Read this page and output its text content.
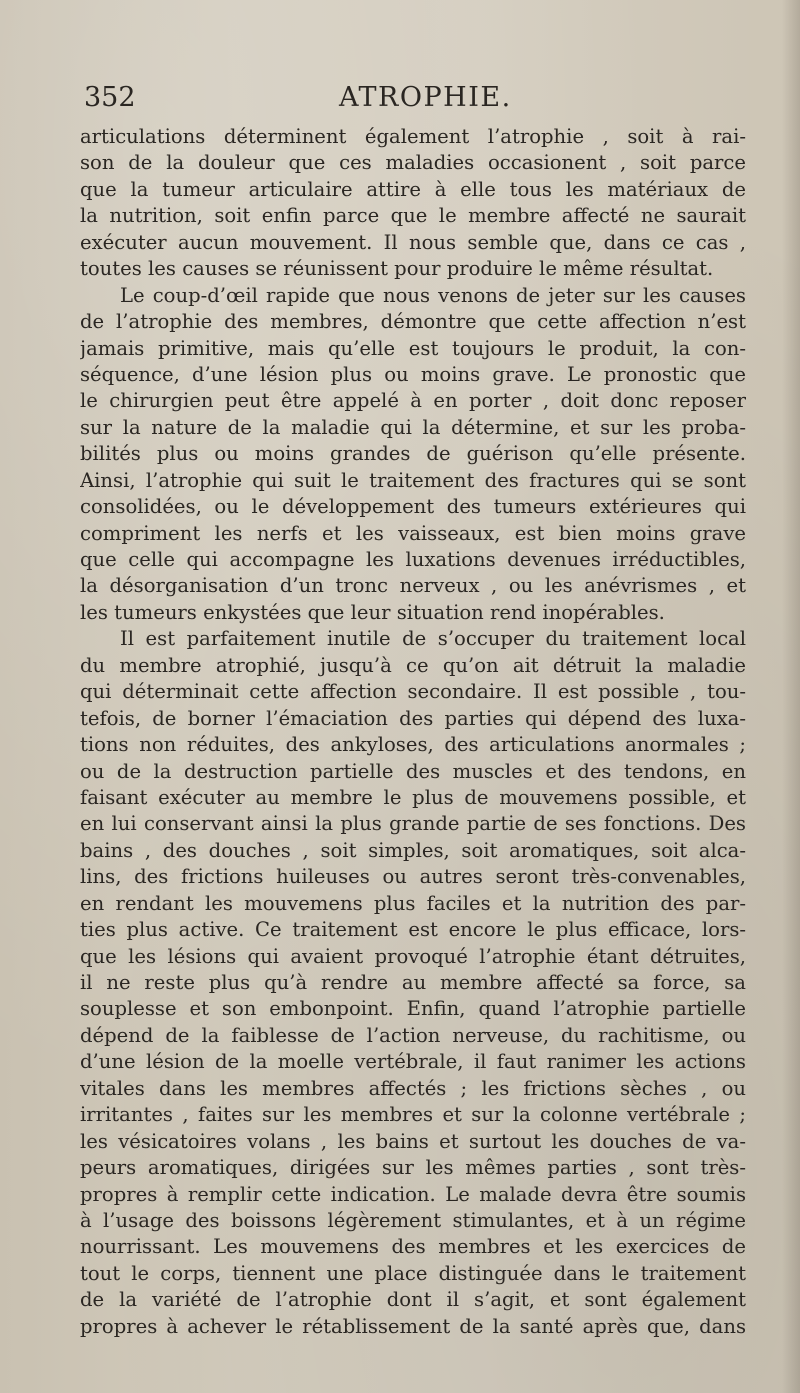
352	ATROPHIE.
articulations déterminent également l’atrophie , soit à rai-
son de la douleur que ces maladies occasionent , soit parce
que la tumeur articulaire attire à elle tous les matériaux de
la nutrition, soit enfin parce que le membre affecté ne saurait
exécuter aucun mouvement. Il nous semble que, dans ce cas ,
toutes les causes se réunissent pour produire le même résultat.
Le coup-d’œil rapide que nous venons de jeter sur les causes
de l’atrophie des membres, démontre que cette affection n’est
jamais primitive, mais qu’elle est toujours le produit, la con-
séquence, d’une lésion plus ou moins grave. Le pronostic que
le chirurgien peut être appelé à en porter , doit donc reposer
sur la nature de la maladie qui la détermine, et sur les proba-
bilités plus ou moins grandes de guérison qu’elle présente.
Ainsi, l’atrophie qui suit le traitement des fractures qui se sont
consolidées, ou le développement des tumeurs extérieures qui
compriment les nerfs et les vaisseaux, est bien moins grave
que celle qui accompagne les luxations devenues irréductibles,
la désorganisation d’un tronc nerveux , ou les anévrismes , et
les tumeurs enkystées que leur situation rend inopérables.
Il est parfaitement inutile de s’occuper du traitement local
du membre atrophié, jusqu’à ce qu’on ait détruit la maladie
qui déterminait cette affection secondaire. Il est possible , tou-
tefois, de borner l’émaciation des parties qui dépend des luxa-
tions non réduites, des ankyloses, des articulations anormales ;
ou de la destruction partielle des muscles et des tendons, en
faisant exécuter au membre le plus de mouvemens possible, et
en lui conservant ainsi la plus grande partie de ses fonctions. Des
bains , des douches , soit simples, soit aromatiques, soit alca-
lins, des frictions huileuses ou autres seront très-convenables,
en rendant les mouvemens plus faciles et la nutrition des par-
ties plus active. Ce traitement est encore le plus efficace, lors-
que les lésions qui avaient provoqué l’atrophie étant détruites,
il ne reste plus qu’à rendre au membre affecté sa force, sa
souplesse et son embonpoint. Enfin, quand l’atrophie partielle
dépend de la faiblesse de l’action nerveuse, du rachitisme, ou
d’une lésion de la moelle vertébrale, il faut ranimer les actions
vitales dans les membres affectés ; les frictions sèches , ou
irritantes , faites sur les membres et sur la colonne vertébrale ;
les vésicatoires volans , les bains et surtout les douches de va-
peurs aromatiques, dirigées sur les mêmes parties , sont très-
propres à remplir cette indication. Le malade devra être soumis
à l’usage des boissons légèrement stimulantes, et à un régime
nourrissant. Les mouvemens des membres et les exercices de
tout le corps, tiennent une place distinguée dans le traitement
de la variété de l’atrophie dont il s’agit, et sont également
propres à achever le rétablissement de la santé après que, dans
